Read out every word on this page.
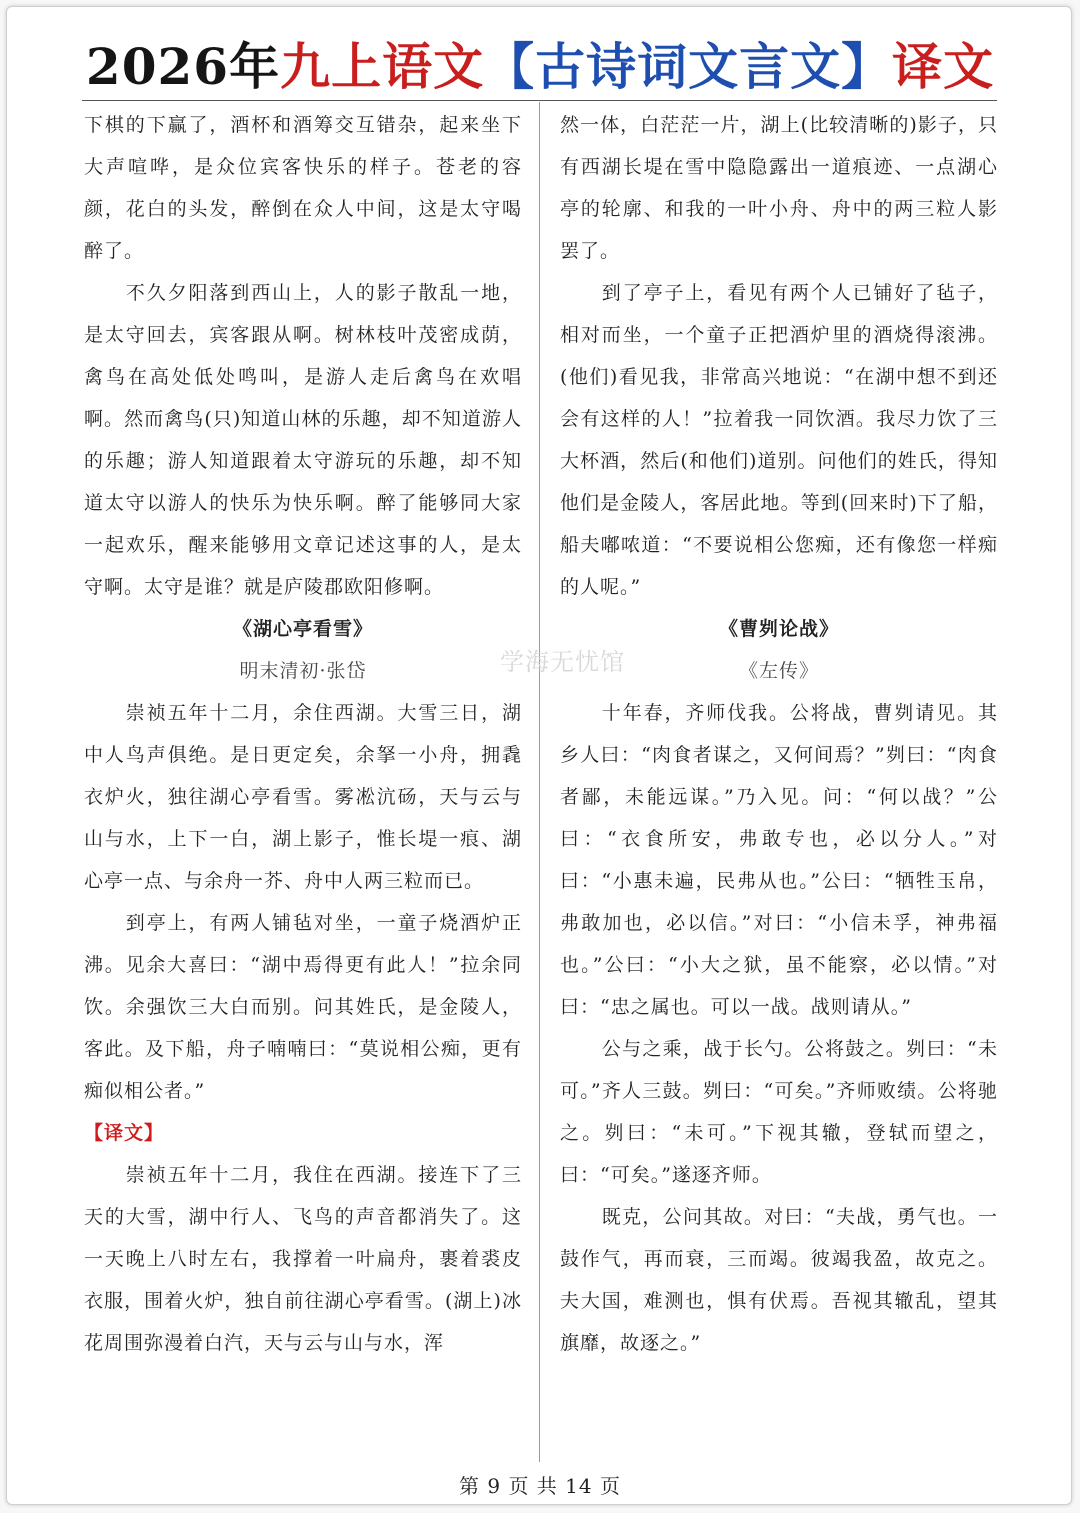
2026年九上语文【古诗词文言文】译文

下棋的下赢了，酒杯和酒筹交互错杂，起来坐下大声喧哗，是众位宾客快乐的样子。苍老的容颜，花白的头发，醉倒在众人中间，这是太守喝醉了。

不久夕阳落到西山上，人的影子散乱一地，是太守回去，宾客跟从啊。树林枝叶茂密成荫，禽鸟在高处低处鸣叫，是游人走后禽鸟在欢唱啊。然而禽鸟(只)知道山林的乐趣，却不知道游人的乐趣；游人知道跟着太守游玩的乐趣，却不知道太守以游人的快乐为快乐啊。醉了能够同大家一起欢乐，醒来能够用文章记述这事的人，是太守啊。太守是谁？就是庐陵郡欧阳修啊。

《湖心亭看雪》

明末清初·张岱

崇祯五年十二月，余住西湖。大雪三日，湖中人鸟声俱绝。是日更定矣，余拏一小舟，拥毳衣炉火，独往湖心亭看雪。雾凇沆砀，天与云与山与水，上下一白，湖上影子，惟长堤一痕、湖心亭一点、与余舟一芥、舟中人两三粒而已。

到亭上，有两人铺毡对坐，一童子烧酒炉正沸。见余大喜曰：“湖中焉得更有此人！”拉余同饮。余强饮三大白而别。问其姓氏，是金陵人，客此。及下船，舟子喃喃曰：“莫说相公痴，更有痴似相公者。”

【译文】

崇祯五年十二月，我住在西湖。接连下了三天的大雪，湖中行人、飞鸟的声音都消失了。这一天晚上八时左右，我撑着一叶扁舟，裹着裘皮衣服，围着火炉，独自前往湖心亭看雪。(湖上)冰花周围弥漫着白汽，天与云与山与水，浑

然一体，白茫茫一片，湖上(比较清晰的)影子，只有西湖长堤在雪中隐隐露出一道痕迹、一点湖心亭的轮廓、和我的一叶小舟、舟中的两三粒人影罢了。

到了亭子上，看见有两个人已铺好了毡子，相对而坐，一个童子正把酒炉里的酒烧得滚沸。(他们)看见我，非常高兴地说：“在湖中想不到还会有这样的人！”拉着我一同饮酒。我尽力饮了三大杯酒，然后(和他们)道别。问他们的姓氏，得知他们是金陵人，客居此地。等到(回来时)下了船，船夫嘟哝道：“不要说相公您痴，还有像您一样痴的人呢。”

《曹刿论战》

《左传》

十年春，齐师伐我。公将战，曹刿请见。其乡人曰：“肉食者谋之，又何间焉？”刿曰：“肉食者鄙，未能远谋。”乃入见。问：“何以战？”公曰：“衣食所安，弗敢专也，必以分人。”对曰：“小惠未遍，民弗从也。”公曰：“牺牲玉帛，弗敢加也，必以信。”对曰：“小信未孚，神弗福也。”公曰：“小大之狱，虽不能察，必以情。”对曰：“忠之属也。可以一战。战则请从。”

公与之乘，战于长勺。公将鼓之。刿曰：“未可。”齐人三鼓。刿曰：“可矣。”齐师败绩。公将驰之。刿曰：“未可。”下视其辙，登轼而望之，曰：“可矣。”遂逐齐师。

既克，公问其故。对曰：“夫战，勇气也。一鼓作气，再而衰，三而竭。彼竭我盈，故克之。夫大国，难测也，惧有伏焉。吾视其辙乱，望其旗靡，故逐之。”

学海无忧馆
第 9 页 共 14 页
